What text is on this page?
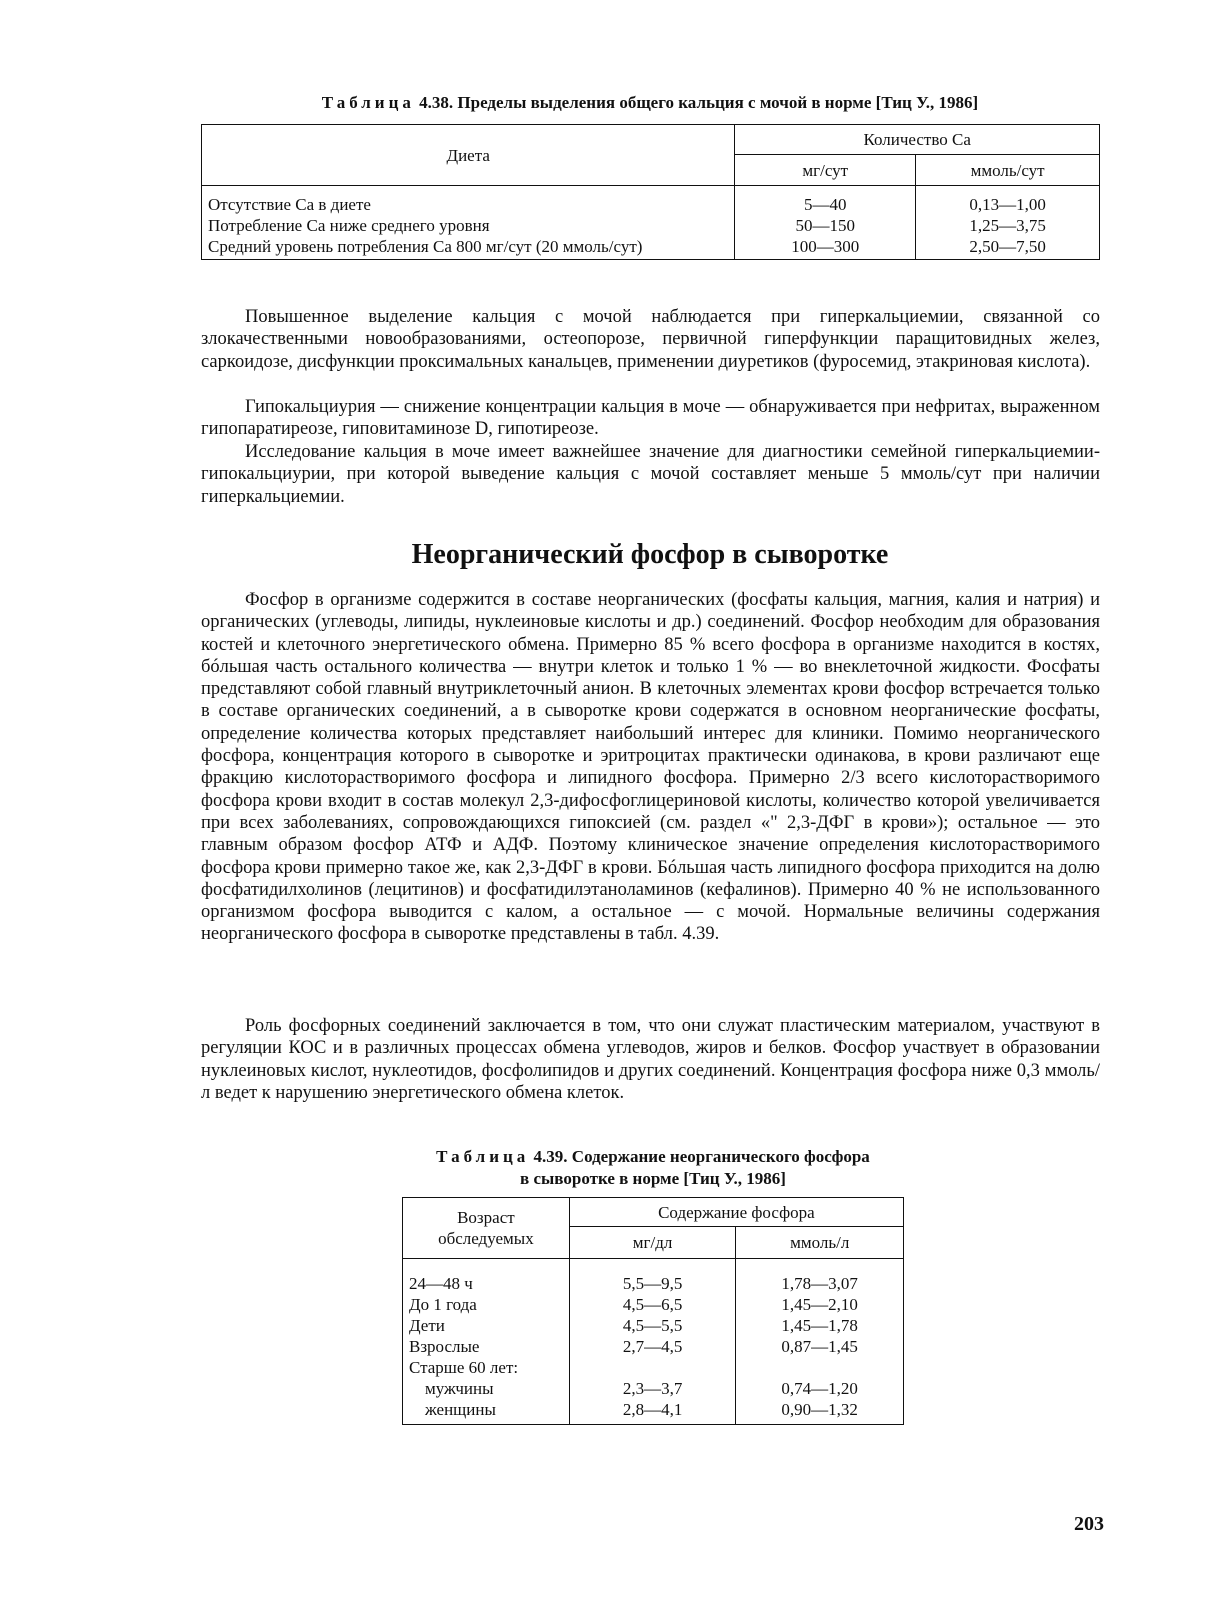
Таблица 4.38. Пределы выделения общего кальция с мочой в норме [Тиц У., 1986]
Диета	Количество Ca	
	мг/сут	ммоль/сут
Отсутствие Ca в диете	5—40	0,13—1,00
Потребление Ca ниже среднего уровня	50—150	1,25—3,75
Средний уровень потребления Ca 800 мг/сут (20 ммоль/сут)	100—300	2,50—7,50

Повышенное выделение кальция с мочой наблюдается при гиперкальциемии, связанной со злокачественными новообразованиями, остеопорозе, первичной гиперфункции паращитовидных желез, саркоидозе, дисфункции проксимальных канальцев, применении диуретиков (фуросемид, этакриновая кислота).

Гипокальциурия — снижение концентрации кальция в моче — обнаруживается при нефритах, выраженном гипопаратиреозе, гиповитаминозе D, гипотиреозе.

Исследование кальция в моче имеет важнейшее значение для диагностики семейной гиперкальциемии-гипокальциурии, при которой выведение кальция с мочой составляет меньше 5 ммоль/сут при наличии гиперкальциемии.

Неорганический фосфор в сыворотке

Фосфор в организме содержится в составе неорганических (фосфаты кальция, магния, калия и натрия) и органических (углеводы, липиды, нуклеиновые кислоты и др.) соединений. Фосфор необходим для образования костей и клеточного энергетического обмена. Примерно 85 % всего фосфора в организме находится в костях, бóльшая часть остального количества — внутри клеток и только 1 % — во внеклеточной жидкости. Фосфаты представляют собой главный внутриклеточный анион. В клеточных элементах крови фосфор встречается только в составе органических соединений, а в сыворотке крови содержатся в основном неорганические фосфаты, определение количества которых представляет наибольший интерес для клиники. Помимо неорганического фосфора, концентрация которого в сыворотке и эритроцитах практически одинакова, в крови различают еще фракцию кислоторастворимого фосфора и липидного фосфора. Примерно 2/3 всего кислоторастворимого фосфора крови входит в состав молекул 2,3-дифосфоглицериновой кислоты, количество которой увеличивается при всех заболеваниях, сопровождающихся гипоксией (см. раздел «" 2,3-ДФГ в крови»); остальное — это главным образом фосфор АТФ и АДФ. Поэтому клиническое значение определения кислоторастворимого фосфора крови примерно такое же, как 2,3-ДФГ в крови. Бóльшая часть липидного фосфора приходится на долю фосфатидилхолинов (лецитинов) и фосфатидилэтаноламинов (кефалинов). Примерно 40 % не использованного организмом фосфора выводится с калом, а остальное — с мочой. Нормальные величины содержания неорганического фосфора в сыворотке представлены в табл. 4.39.

Роль фосфорных соединений заключается в том, что они служат пластическим материалом, участвуют в регуляции КОС и в различных процессах обмена углеводов, жиров и белков. Фосфор участвует в образовании нуклеиновых кислот, нуклеотидов, фосфолипидов и других соединений. Концентрация фосфора ниже 0,3 ммоль/л ведет к нарушению энергетического обмена клеток.

Таблица 4.39. Содержание неорганического фосфора
в сыворотке в норме [Тиц У., 1986]
Возраст
обследуемых	Содержание фосфора	
	мг/дл	ммоль/л
24—48 ч	5,5—9,5	1,78—3,07
До 1 года	4,5—6,5	1,45—2,10
Дети	4,5—5,5	1,45—1,78
Взрослые	2,7—4,5	0,87—1,45
Старше 60 лет:		
мужчины	2,3—3,7	0,74—1,20
женщины	2,8—4,1	0,90—1,32
203
